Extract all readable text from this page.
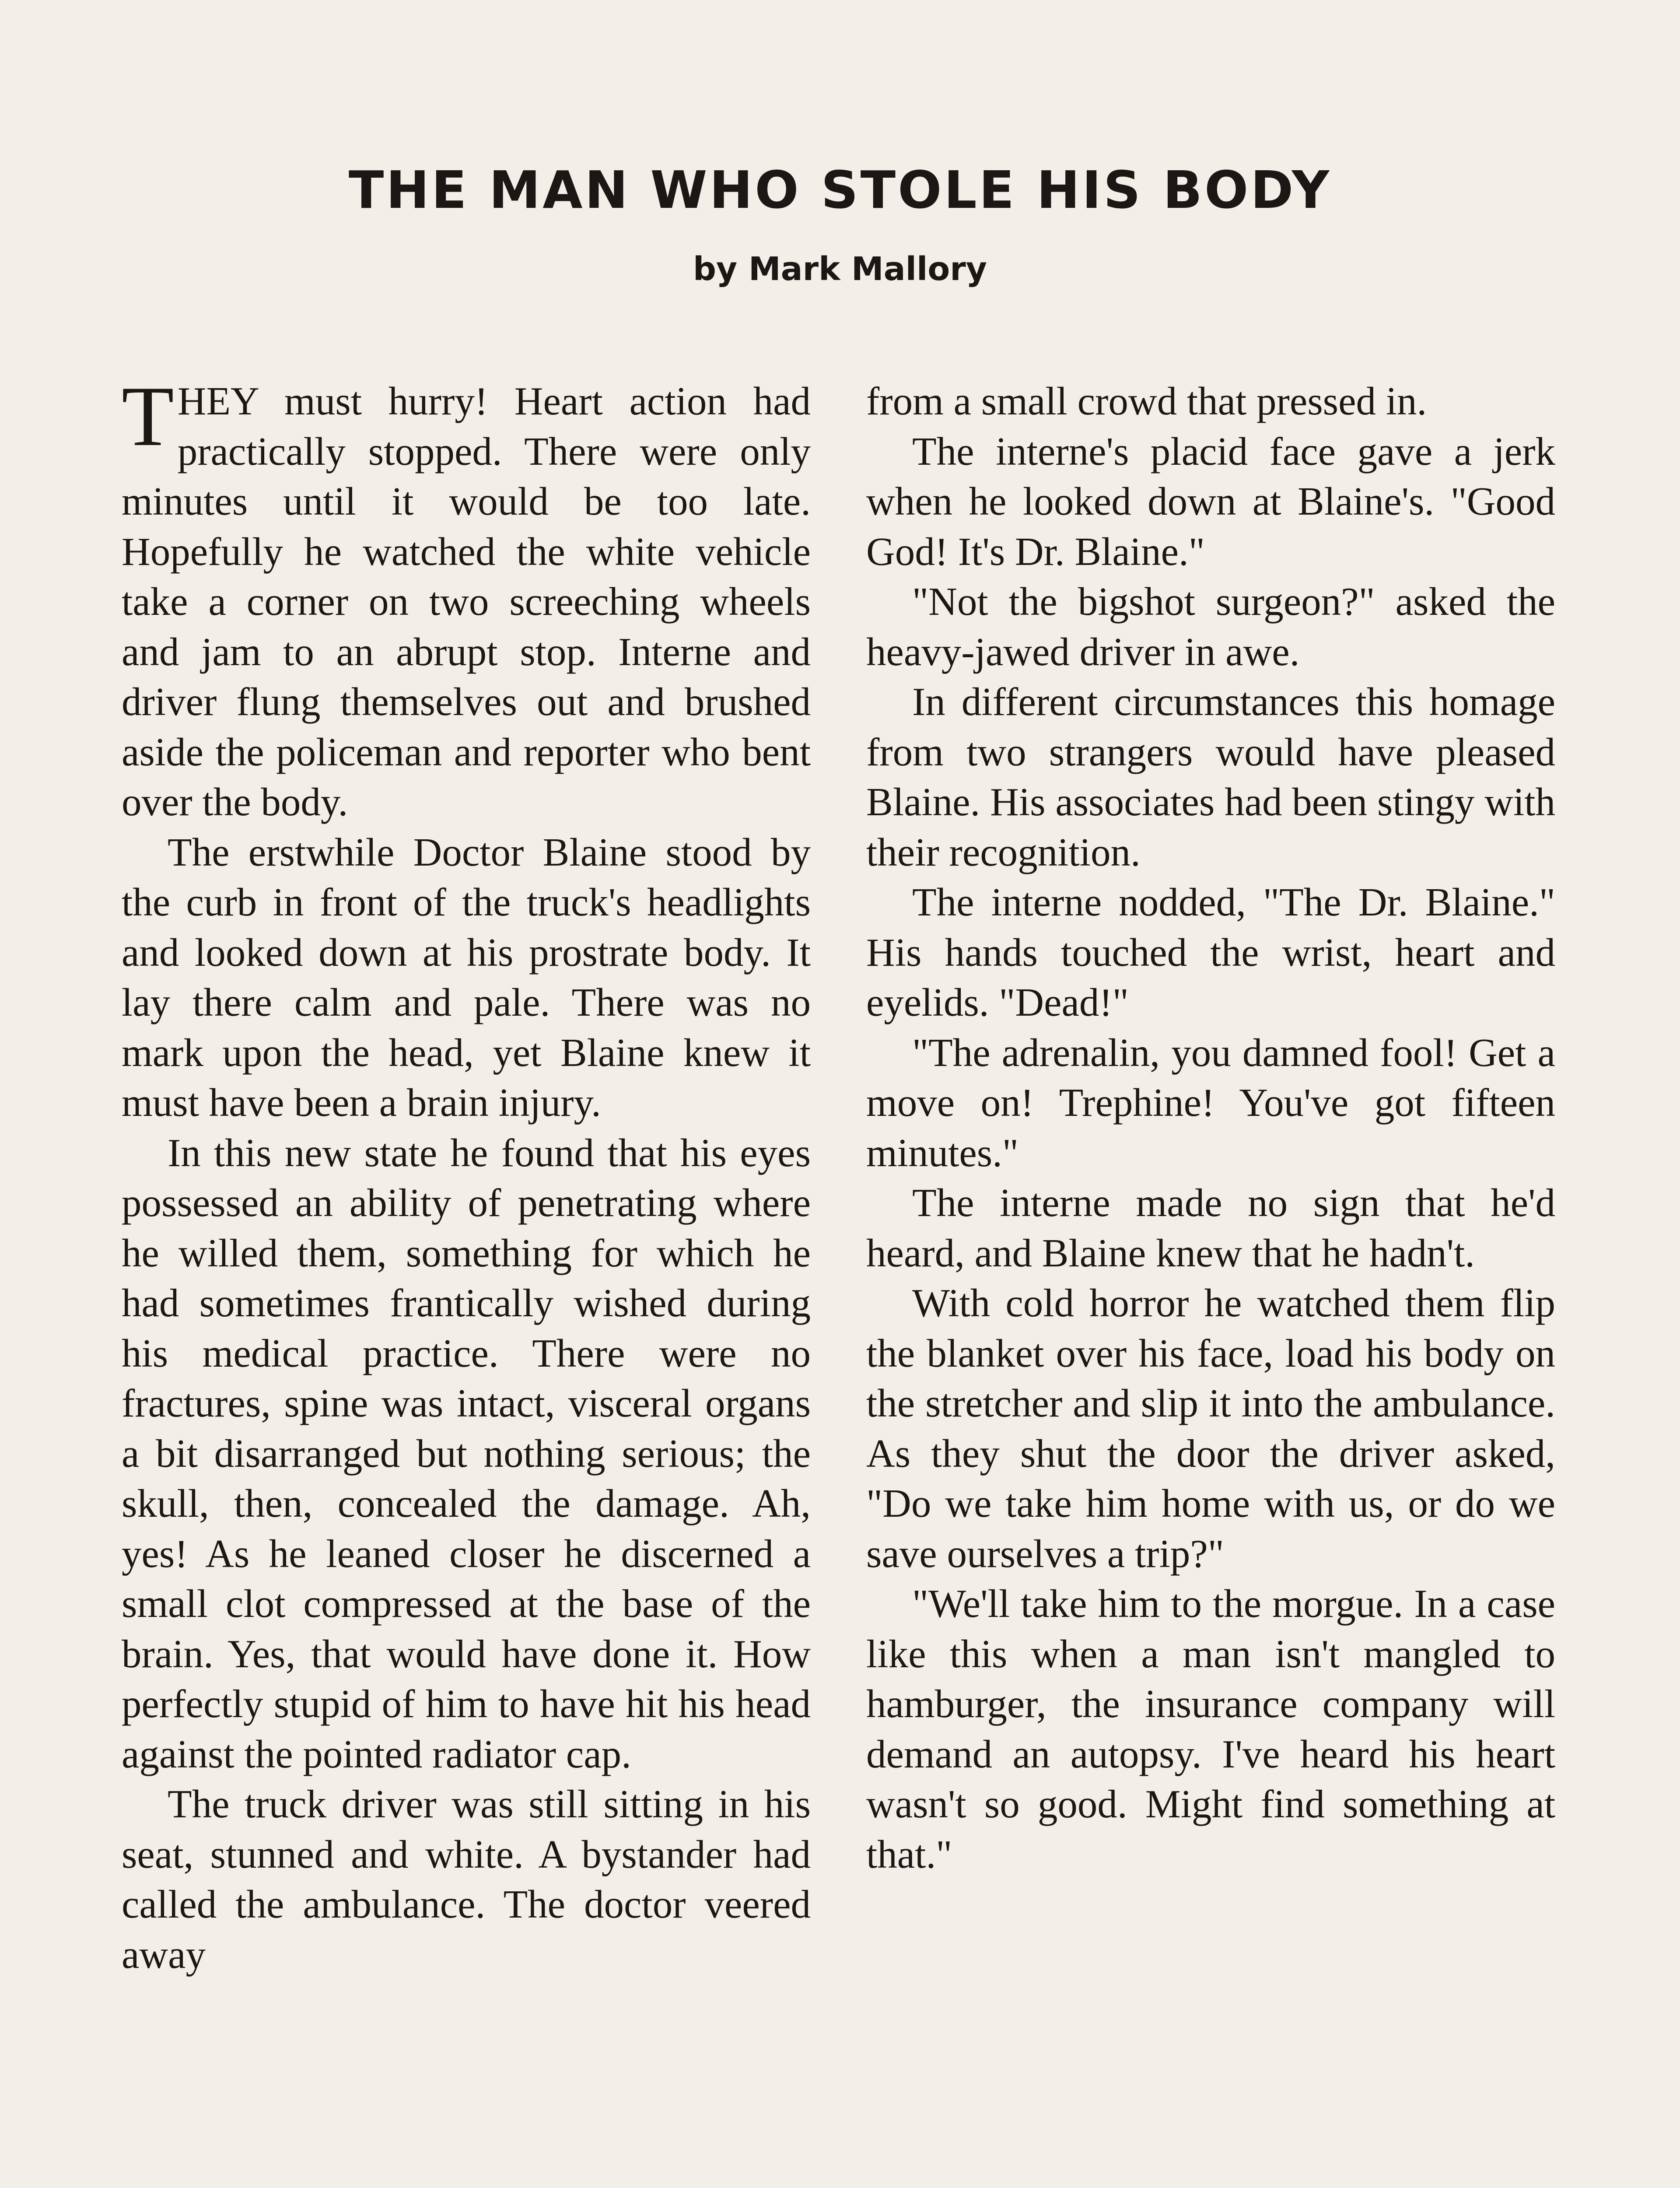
THE MAN WHO STOLE HIS BODY
by Mark Mallory

THEY must hurry! Heart action had practically stopped. There were only minutes until it would be too late. Hopefully he watched the white vehicle take a corner on two screeching wheels and jam to an abrupt stop. Interne and driver flung themselves out and brushed aside the policeman and reporter who bent over the body.

The erstwhile Doctor Blaine stood by the curb in front of the truck's headlights and looked down at his prostrate body. It lay there calm and pale. There was no mark upon the head, yet Blaine knew it must have been a brain injury.

In this new state he found that his eyes possessed an ability of penetrating where he willed them, something for which he had sometimes frantically wished during his medical practice. There were no fractures, spine was intact, visceral organs a bit disarranged but nothing serious; the skull, then, concealed the damage. Ah, yes! As he leaned closer he discerned a small clot compressed at the base of the brain. Yes, that would have done it. How perfectly stupid of him to have hit his head against the pointed radiator cap.

The truck driver was still sitting in his seat, stunned and white. A bystander had called the ambulance. The doctor veered away

from a small crowd that pressed in.

The interne's placid face gave a jerk when he looked down at Blaine's. "Good God! It's Dr. Blaine."

"Not the bigshot surgeon?" asked the heavy-jawed driver in awe.

In different circumstances this homage from two strangers would have pleased Blaine. His associates had been stingy with their recognition.

The interne nodded, "The Dr. Blaine." His hands touched the wrist, heart and eyelids. "Dead!"

"The adrenalin, you damned fool! Get a move on! Trephine! You've got fifteen minutes."

The interne made no sign that he'd heard, and Blaine knew that he hadn't.

With cold horror he watched them flip the blanket over his face, load his body on the stretcher and slip it into the ambulance. As they shut the door the driver asked, "Do we take him home with us, or do we save ourselves a trip?"

"We'll take him to the morgue. In a case like this when a man isn't mangled to hamburger, the insurance company will demand an autopsy. I've heard his heart wasn't so good. Might find something at that."
